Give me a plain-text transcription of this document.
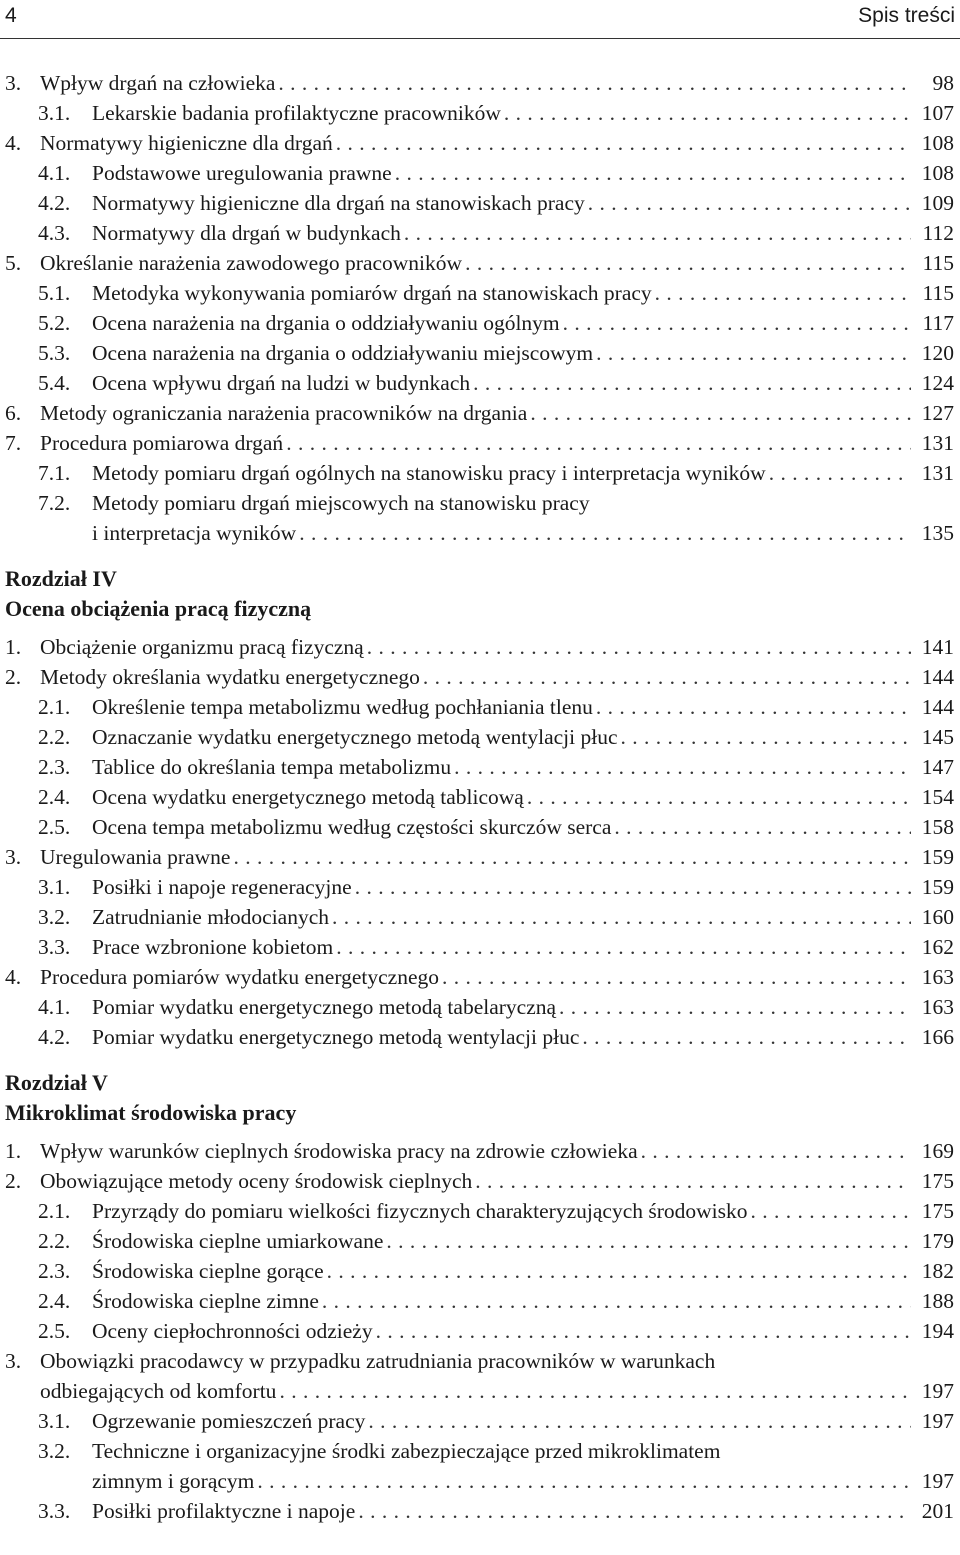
4	Spis treści
3. Wpływ drgań na człowieka . . .	98
3.1. Lekarskie badania profilaktyczne pracowników . . .	107
4. Normatywy higieniczne dla drgań . . .	108
4.1. Podstawowe uregulowania prawne . . .	108
4.2. Normatywy higieniczne dla drgań na stanowiskach pracy . . .	109
4.3. Normatywy dla drgań w budynkach . . .	112
5. Określanie narażenia zawodowego pracowników . . .	115
5.1. Metodyka wykonywania pomiarów drgań na stanowiskach pracy . . .	115
5.2. Ocena narażenia na drgania o oddziaływaniu ogólnym . . .	117
5.3. Ocena narażenia na drgania o oddziaływaniu miejscowym . . .	120
5.4. Ocena wpływu drgań na ludzi w budynkach . . .	124
6. Metody ograniczania narażenia pracowników na drgania . . .	127
7. Procedura pomiarowa drgań . . .	131
7.1. Metody pomiaru drgań ogólnych na stanowisku pracy i interpretacja wyników . . .	131
7.2. Metody pomiaru drgań miejscowych na stanowisku pracy
i interpretacja wyników . . .	135
Rozdział IV
Ocena obciążenia pracą fizyczną
1. Obciążenie organizmu pracą fizyczną . . .	141
2. Metody określania wydatku energetycznego . . .	144
2.1. Określenie tempa metabolizmu według pochłaniania tlenu . . .	144
2.2. Oznaczanie wydatku energetycznego metodą wentylacji płuc . . .	145
2.3. Tablice do określania tempa metabolizmu . . .	147
2.4. Ocena wydatku energetycznego metodą tablicową . . .	154
2.5. Ocena tempa metabolizmu według częstości skurczów serca . . .	158
3. Uregulowania prawne . . .	159
3.1. Posiłki i napoje regeneracyjne . . .	159
3.2. Zatrudnianie młodocianych . . .	160
3.3. Prace wzbronione kobietom . . .	162
4. Procedura pomiarów wydatku energetycznego . . .	163
4.1. Pomiar wydatku energetycznego metodą tabelaryczną . . .	163
4.2. Pomiar wydatku energetycznego metodą wentylacji płuc . . .	166
Rozdział V
Mikroklimat środowiska pracy
1. Wpływ warunków cieplnych środowiska pracy na zdrowie człowieka . . .	169
2. Obowiązujące metody oceny środowisk cieplnych . . .	175
2.1. Przyrządy do pomiaru wielkości fizycznych charakteryzujących środowisko . . .	175
2.2. Środowiska cieplne umiarkowane . . .	179
2.3. Środowiska cieplne gorące . . .	182
2.4. Środowiska cieplne zimne . . .	188
2.5. Oceny ciepłochronności odzieży . . .	194
3. Obowiązki pracodawcy w przypadku zatrudniania pracowników w warunkach
odbiegających od komfortu . . .	197
3.1. Ogrzewanie pomieszczeń pracy . . .	197
3.2. Techniczne i organizacyjne środki zabezpieczające przed mikroklimatem
zimnym i gorącym . . .	197
3.3. Posiłki profilaktyczne i napoje . . .	201
